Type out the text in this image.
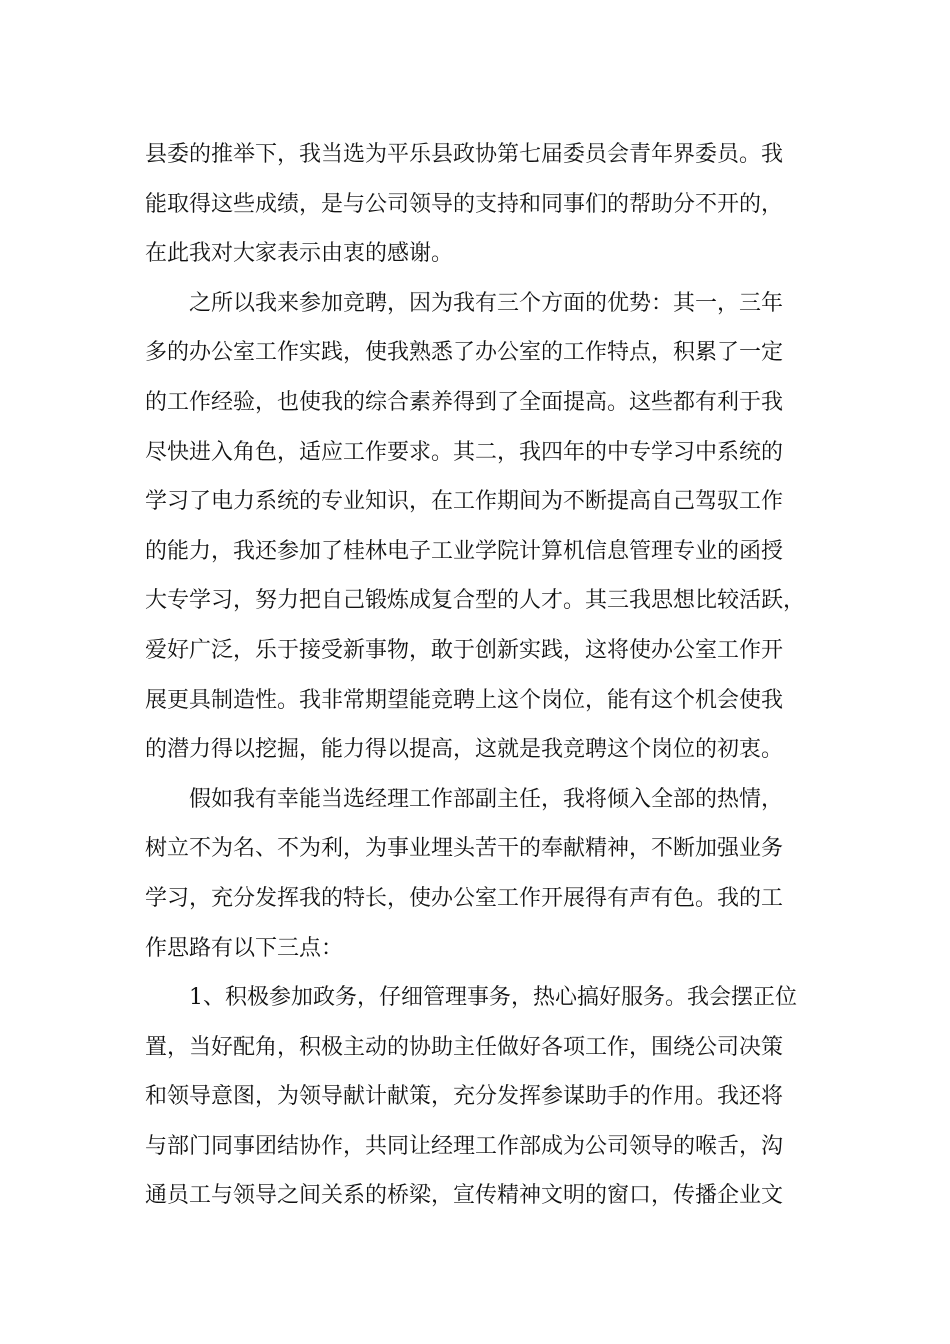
县委的推举下，我当选为平乐县政协第七届委员会青年界委员。我
能取得这些成绩，是与公司领导的支持和同事们的帮助分不开的，
在此我对大家表示由衷的感谢。
之所以我来参加竞聘，因为我有三个方面的优势：其一，三年
多的办公室工作实践，使我熟悉了办公室的工作特点，积累了一定
的工作经验，也使我的综合素养得到了全面提高。这些都有利于我
尽快进入角色，适应工作要求。其二，我四年的中专学习中系统的
学习了电力系统的专业知识，在工作期间为不断提高自己驾驭工作
的能力，我还参加了桂林电子工业学院计算机信息管理专业的函授
大专学习，努力把自己锻炼成复合型的人才。其三我思想比较活跃，
爱好广泛，乐于接受新事物，敢于创新实践，这将使办公室工作开
展更具制造性。我非常期望能竞聘上这个岗位，能有这个机会使我
的潜力得以挖掘，能力得以提高，这就是我竞聘这个岗位的初衷。
假如我有幸能当选经理工作部副主任，我将倾入全部的热情，
树立不为名、不为利，为事业埋头苦干的奉献精神，不断加强业务
学习，充分发挥我的特长，使办公室工作开展得有声有色。我的工
作思路有以下三点：
1、积极参加政务，仔细管理事务，热心搞好服务。我会摆正位
置，当好配角，积极主动的协助主任做好各项工作，围绕公司决策
和领导意图，为领导献计献策，充分发挥参谋助手的作用。我还将
与部门同事团结协作，共同让经理工作部成为公司领导的喉舌，沟
通员工与领导之间关系的桥梁，宣传精神文明的窗口，传播企业文
